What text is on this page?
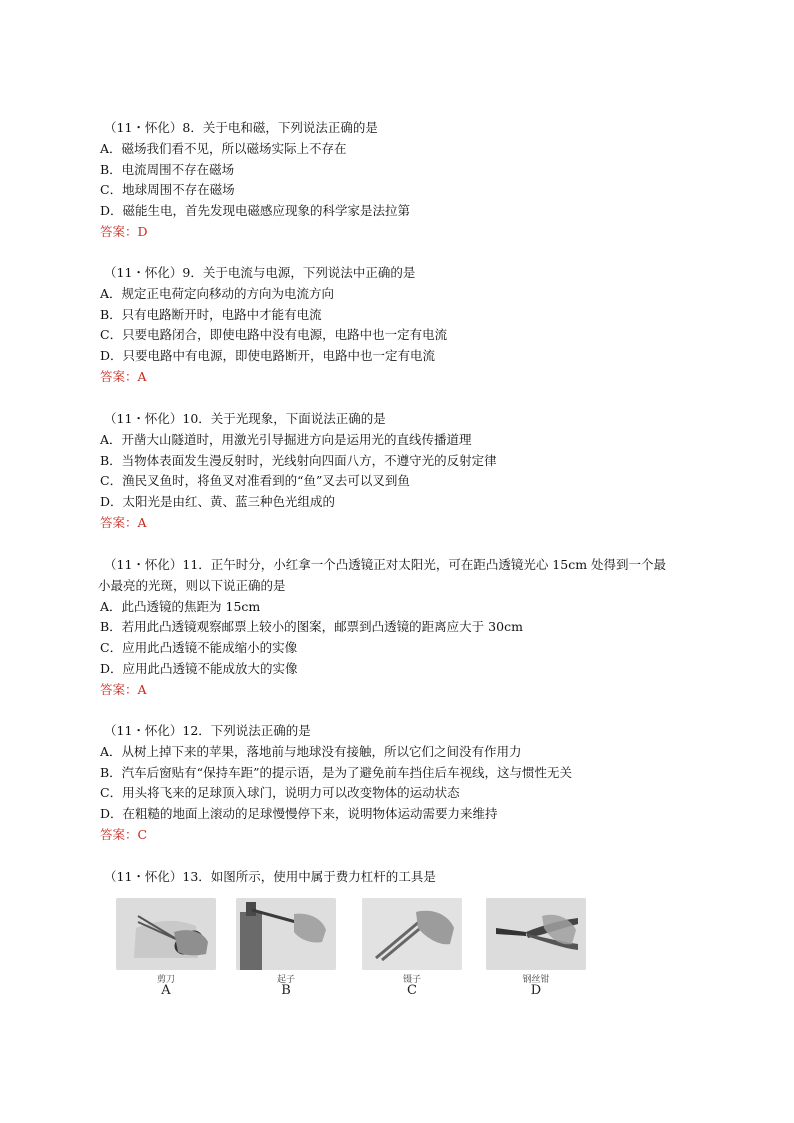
（11・怀化）8．关于电和磁，下列说法正确的是
A．磁场我们看不见，所以磁场实际上不存在
B．电流周围不存在磁场
C．地球周围不存在磁场
D．磁能生电，首先发现电磁感应现象的科学家是法拉第
答案：D
（11・怀化）9．关于电流与电源，下列说法中正确的是
A．规定正电荷定向移动的方向为电流方向
B．只有电路断开时，电路中才能有电流
C．只要电路闭合，即使电路中没有电源，电路中也一定有电流
D．只要电路中有电源，即使电路断开，电路中也一定有电流
答案：A
（11・怀化）10．关于光现象，下面说法正确的是
A．开凿大山隧道时，用激光引导掘进方向是运用光的直线传播道理
B．当物体表面发生漫反射时，光线射向四面八方，不遵守光的反射定律
C．渔民叉鱼时，将鱼叉对准看到的“鱼”叉去可以叉到鱼
D．太阳光是由红、黄、蓝三种色光组成的
答案：A
（11・怀化）11．正午时分，小红拿一个凸透镜正对太阳光，可在距凸透镜光心 15cm 处得到一个最
小最亮的光斑，则以下说正确的是
A．此凸透镜的焦距为 15cm
B．若用此凸透镜观察邮票上较小的图案，邮票到凸透镜的距离应大于 30cm
C．应用此凸透镜不能成缩小的实像
D．应用此凸透镜不能成放大的实像
答案：A
（11・怀化）12．下列说法正确的是
A．从树上掉下来的苹果，落地前与地球没有接触，所以它们之间没有作用力
B．汽车后窗贴有“保持车距”的提示语，是为了避免前车挡住后车视线，这与惯性无关
C．用头将飞来的足球顶入球门，说明力可以改变物体的运动状态
D．在粗糙的地面上滚动的足球慢慢停下来，说明物体运动需要力来维持
答案：C
（11・怀化）13．如图所示，使用中属于费力杠杆的工具是
剪刀
A
起子
B
镊子
C
钢丝钳
D
